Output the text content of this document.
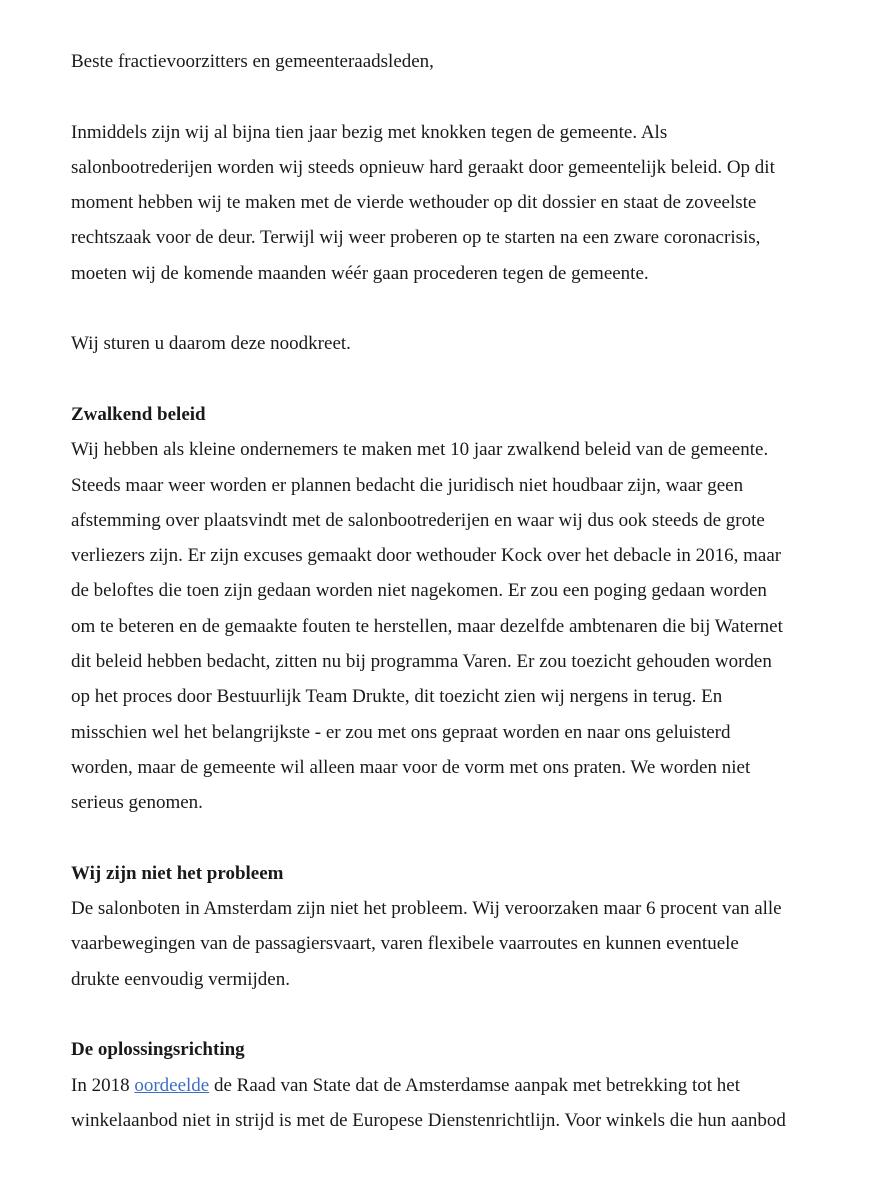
Beste fractievoorzitters en gemeenteraadsleden,

Inmiddels zijn wij al bijna tien jaar bezig met knokken tegen de gemeente. Als
salonbootrederijen worden wij steeds opnieuw hard geraakt door gemeentelijk beleid. Op dit
moment hebben wij te maken met de vierde wethouder op dit dossier en staat de zoveelste
rechtszaak voor de deur. Terwijl wij weer proberen op te starten na een zware coronacrisis,
moeten wij de komende maanden wéér gaan procederen tegen de gemeente.

Wij sturen u daarom deze noodkreet.

Zwalkend beleid

Wij hebben als kleine ondernemers te maken met 10 jaar zwalkend beleid van de gemeente.
Steeds maar weer worden er plannen bedacht die juridisch niet houdbaar zijn, waar geen
afstemming over plaatsvindt met de salonbootrederijen en waar wij dus ook steeds de grote
verliezers zijn. Er zijn excuses gemaakt door wethouder Kock over het debacle in 2016, maar
de beloftes die toen zijn gedaan worden niet nagekomen. Er zou een poging gedaan worden
om te beteren en de gemaakte fouten te herstellen, maar dezelfde ambtenaren die bij Waternet
dit beleid hebben bedacht, zitten nu bij programma Varen. Er zou toezicht gehouden worden
op het proces door Bestuurlijk Team Drukte, dit toezicht zien wij nergens in terug. En
misschien wel het belangrijkste - er zou met ons gepraat worden en naar ons geluisterd
worden, maar de gemeente wil alleen maar voor de vorm met ons praten. We worden niet
serieus genomen.

Wij zijn niet het probleem

De salonboten in Amsterdam zijn niet het probleem. Wij veroorzaken maar 6 procent van alle
vaarbewegingen van de passagiersvaart, varen flexibele vaarroutes en kunnen eventuele
drukte eenvoudig vermijden.

De oplossingsrichting

In 2018 oordeelde de Raad van State dat de Amsterdamse aanpak met betrekking tot het
winkelaanbod niet in strijd is met de Europese Dienstenrichtlijn. Voor winkels die hun aanbod
